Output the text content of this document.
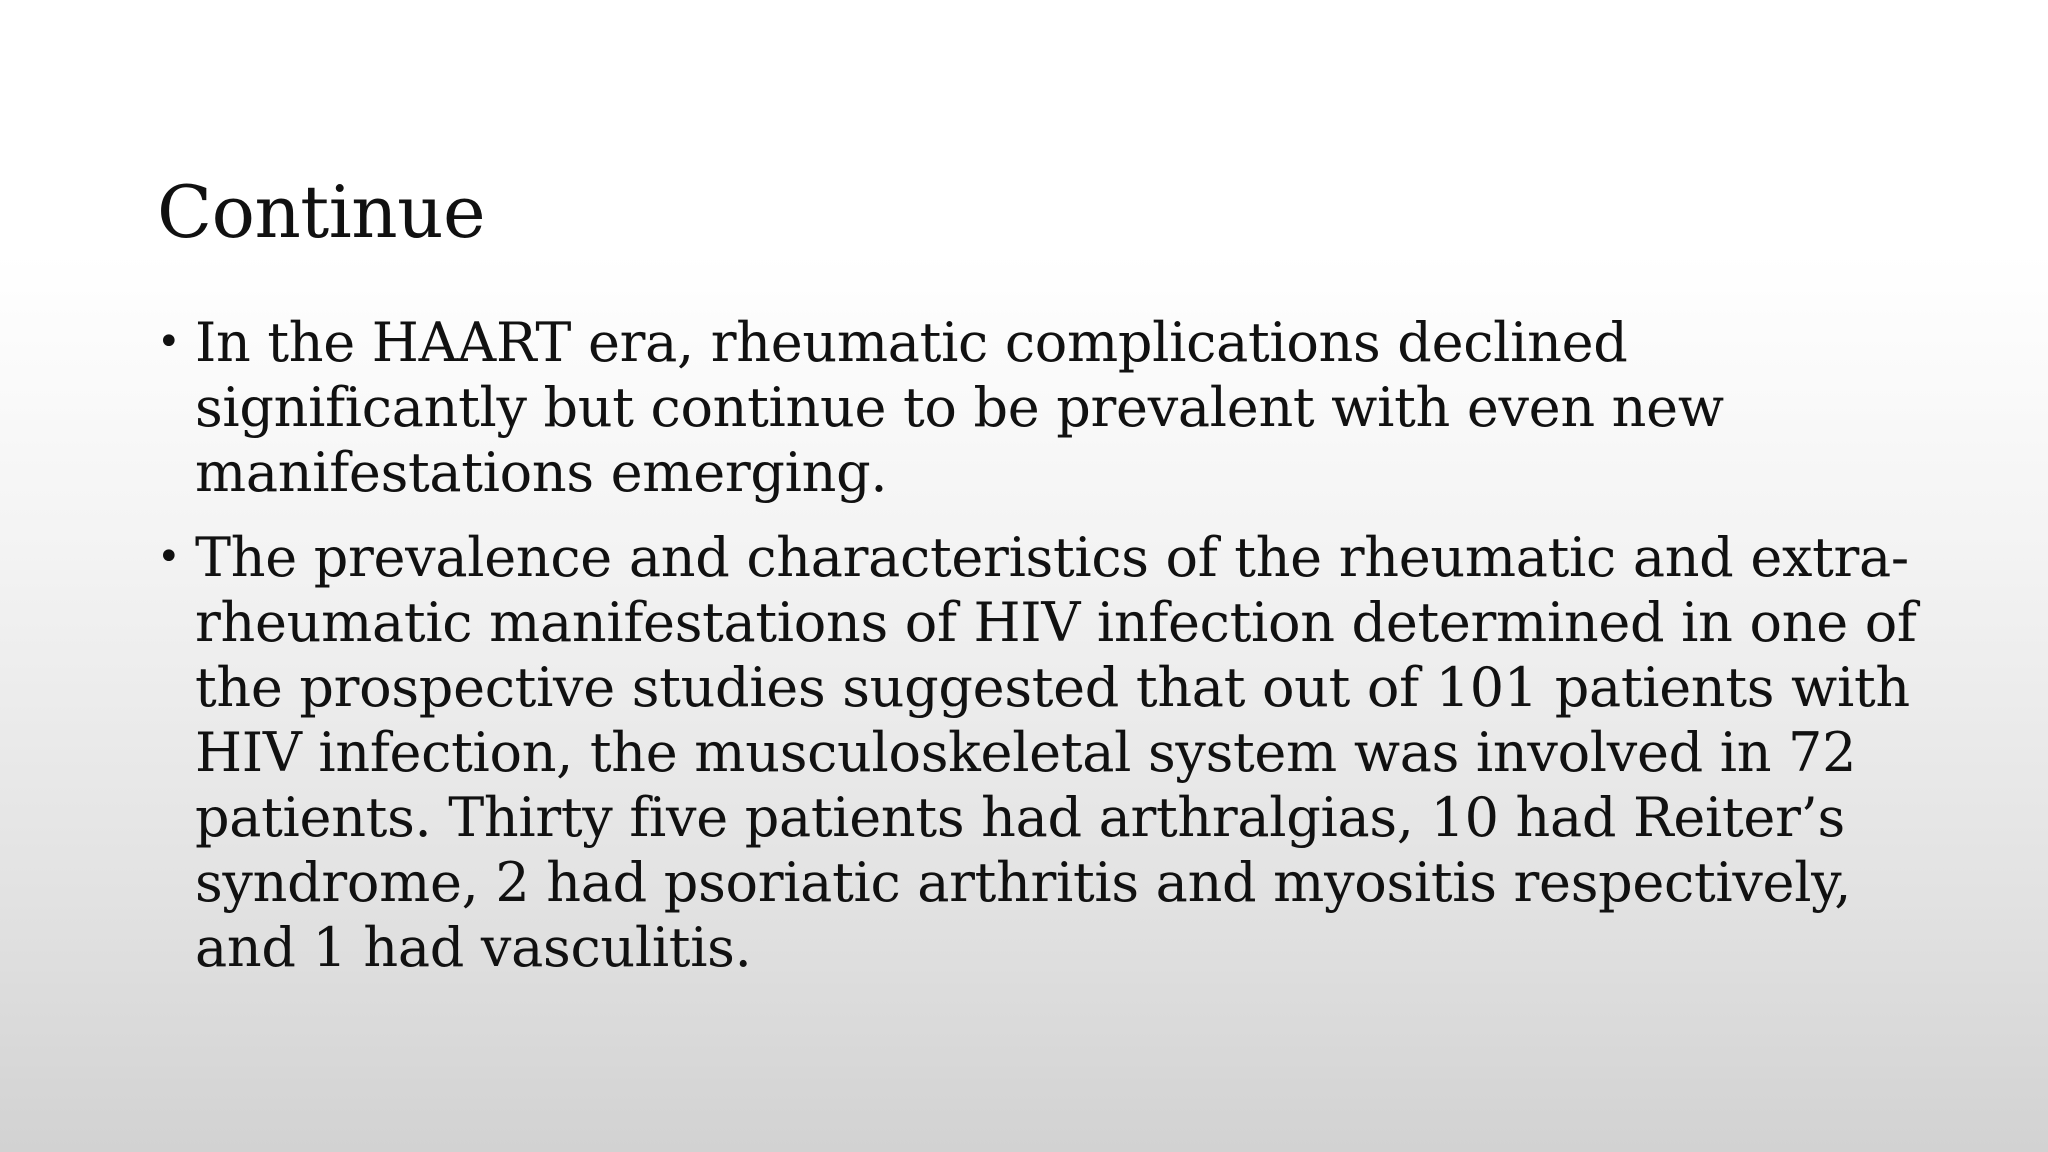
Continue
• In the HAART era, rheumatic complications declined
significantly but continue to be prevalent with even new
manifestations emerging.
• The prevalence and characteristics of the rheumatic and extra-
rheumatic manifestations of HIV infection determined in one of
the prospective studies suggested that out of 101 patients with
HIV infection, the musculoskeletal system was involved in 72
patients. Thirty five patients had arthralgias, 10 had Reiter’s
syndrome, 2 had psoriatic arthritis and myositis respectively,
and 1 had vasculitis.
